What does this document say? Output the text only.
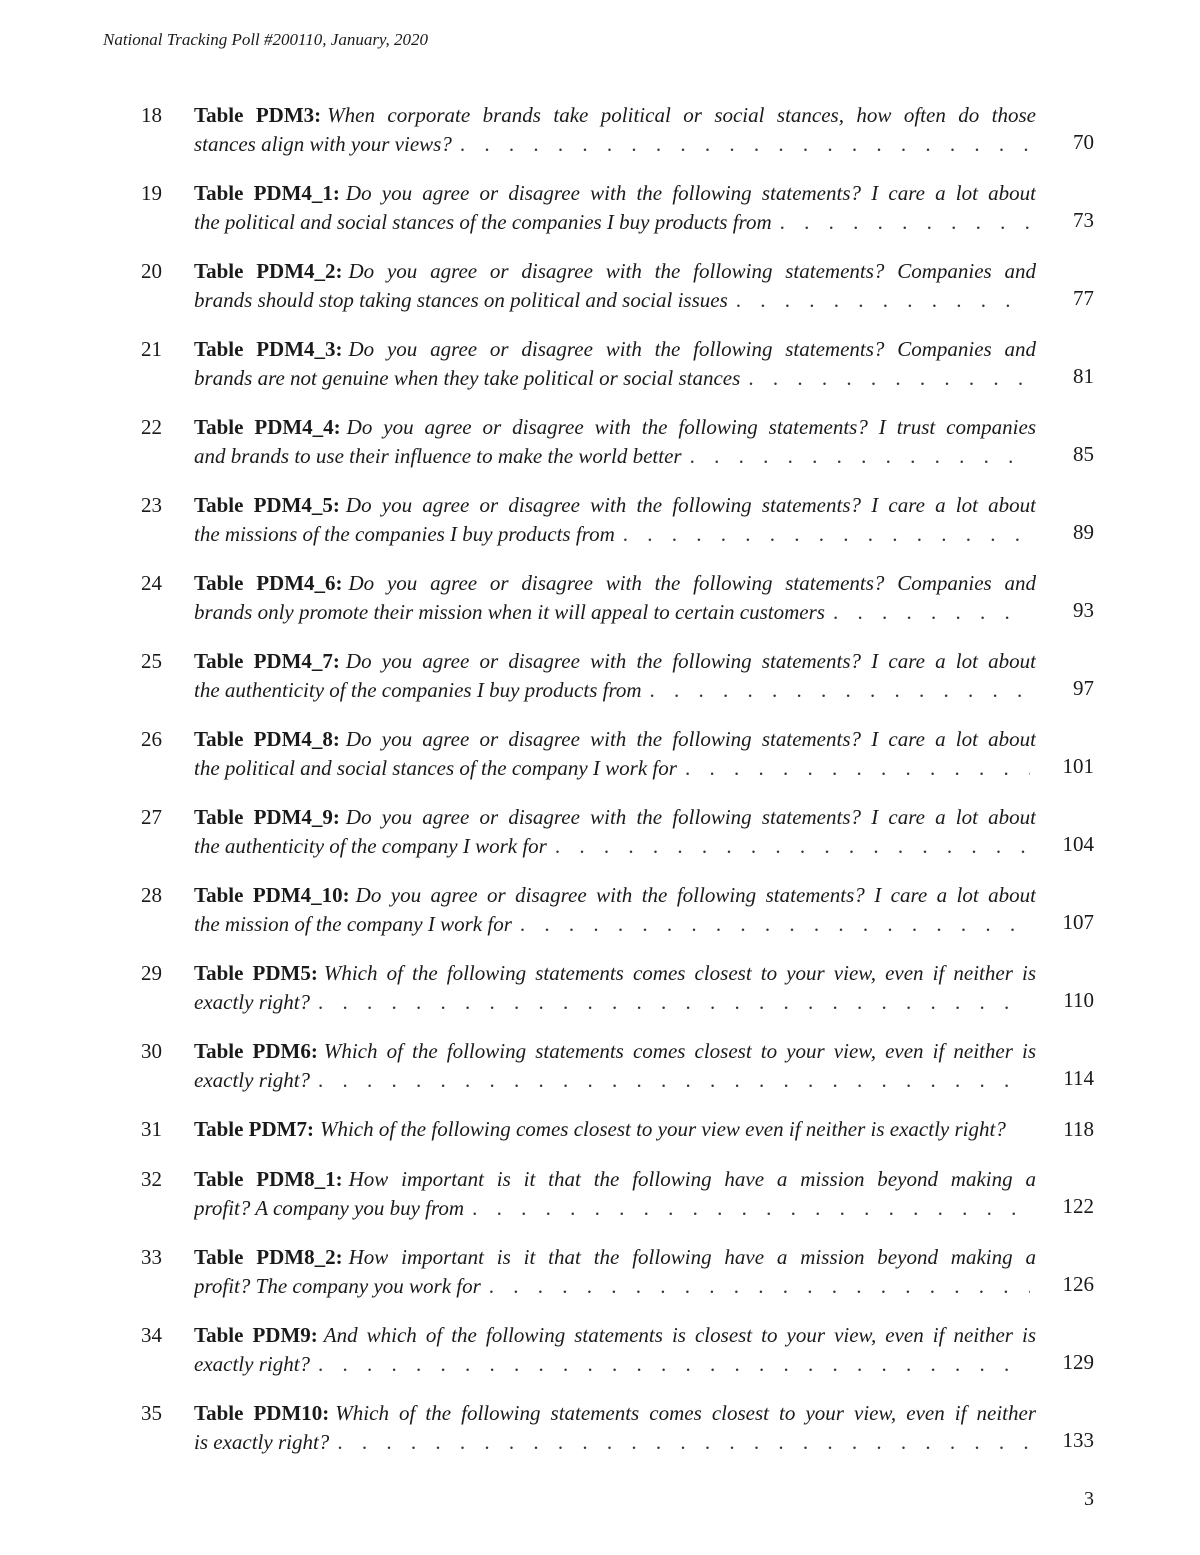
National Tracking Poll #200110, January, 2020
18 Table PDM3: When corporate brands take political or social stances, how often do those
stances align with your views? . . .	70
19 Table PDM4_1: Do you agree or disagree with the following statements? I care a lot about
the political and social stances of the companies I buy products from . . .	73
20 Table PDM4_2: Do you agree or disagree with the following statements? Companies and
brands should stop taking stances on political and social issues . . .	77
21 Table PDM4_3: Do you agree or disagree with the following statements? Companies and
brands are not genuine when they take political or social stances . . .	81
22 Table PDM4_4: Do you agree or disagree with the following statements? I trust companies
and brands to use their influence to make the world better . . .	85
23 Table PDM4_5: Do you agree or disagree with the following statements? I care a lot about
the missions of the companies I buy products from . . .	89
24 Table PDM4_6: Do you agree or disagree with the following statements? Companies and
brands only promote their mission when it will appeal to certain customers . . .	93
25 Table PDM4_7: Do you agree or disagree with the following statements? I care a lot about
the authenticity of the companies I buy products from . . .	97
26 Table PDM4_8: Do you agree or disagree with the following statements? I care a lot about
the political and social stances of the company I work for . . .	101
27 Table PDM4_9: Do you agree or disagree with the following statements? I care a lot about
the authenticity of the company I work for . . .	104
28 Table PDM4_10: Do you agree or disagree with the following statements? I care a lot about
the mission of the company I work for . . .	107
29 Table PDM5: Which of the following statements comes closest to your view, even if neither is
exactly right? . . .	110
30 Table PDM6: Which of the following statements comes closest to your view, even if neither is
exactly right? . . .	114
31 Table PDM7: Which of the following comes closest to your view even if neither is exactly right?	118
32 Table PDM8_1: How important is it that the following have a mission beyond making a
profit? A company you buy from . . .	122
33 Table PDM8_2: How important is it that the following have a mission beyond making a
profit? The company you work for . . .	126
34 Table PDM9: And which of the following statements is closest to your view, even if neither is
exactly right? . . .	129
35 Table PDM10: Which of the following statements comes closest to your view, even if neither
is exactly right? . . .	133
3
